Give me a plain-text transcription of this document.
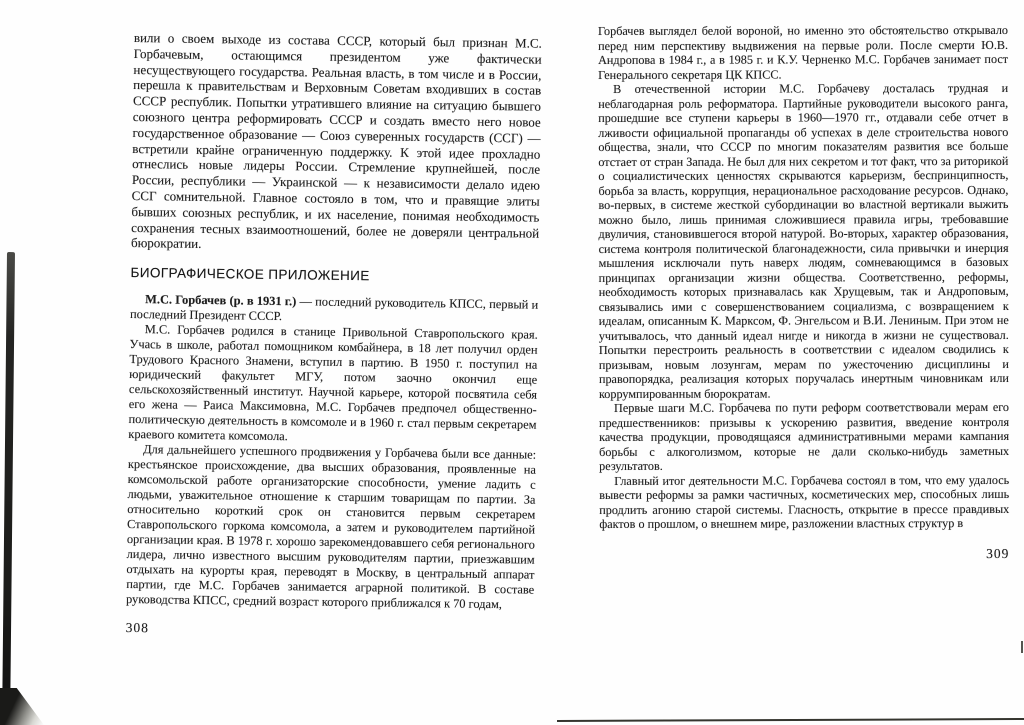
вили о своем выходе из состава СССР, который был признан М.С. Горбачевым, остающимся президентом уже фактически несуществующего государства. Реальная власть, в том числе и в России, перешла к правительствам и Верховным Советам входивших в состав СССР республик. Попытки утратившего влияние на ситуацию бывшего союзного центра реформировать СССР и создать вместо него новое государственное образование — Союз суверенных государств (ССГ) — встретили крайне ограниченную поддержку. К этой идее прохладно отнеслись новые лидеры России. Стремление крупнейшей, после России, республики — Украинской — к независимости делало идею ССГ сомнительной. Главное состояло в том, что и правящие элиты бывших союзных республик, и их население, понимая необходимость сохранения тесных взаимоотношений, более не доверяли центральной бюрократии.

БИОГРАФИЧЕСКОЕ ПРИЛОЖЕНИЕ

М.С. Горбачев (р. в 1931 г.) — последний руководитель КПСС, первый и последний Президент СССР.

М.С. Горбачев родился в станице Привольной Ставропольского края. Учась в школе, работал помощником комбайнера, в 18 лет получил орден Трудового Красного Знамени, вступил в партию. В 1950 г. поступил на юридический факультет МГУ, потом заочно окончил еще сельскохозяйственный институт. Научной карьере, которой посвятила себя его жена — Раиса Максимовна, М.С. Горбачев предпочел общественно-политическую деятельность в комсомоле и в 1960 г. стал первым секретарем краевого комитета комсомола.

Для дальнейшего успешного продвижения у Горбачева были все данные: крестьянское происхождение, два высших образования, проявленные на комсомольской работе организаторские способности, умение ладить с людьми, уважительное отношение к старшим товарищам по партии. За относительно короткий срок он становится первым секретарем Ставропольского горкома комсомола, а затем и руководителем партийной организации края. В 1978 г. хорошо зарекомендовавшего себя регионального лидера, лично известного высшим руководителям партии, приезжавшим отдыхать на курорты края, переводят в Москву, в центральный аппарат партии, где М.С. Горбачев занимается аграрной политикой. В составе руководства КПСС, средний возраст которого приближался к 70 годам,

308

Горбачев выглядел белой вороной, но именно это обстоятельство открывало перед ним перспективу выдвижения на первые роли. После смерти Ю.В. Андропова в 1984 г., а в 1985 г. и К.У. Черненко М.С. Горбачев занимает пост Генерального секретаря ЦК КПСС.

В отечественной истории М.С. Горбачеву досталась трудная и неблагодарная роль реформатора. Партийные руководители высокого ранга, прошедшие все ступени карьеры в 1960—1970 гг., отдавали себе отчет в лживости официальной пропаганды об успехах в деле строительства нового общества, знали, что СССР по многим показателям развития все больше отстает от стран Запада. Не был для них секретом и тот факт, что за риторикой о социалистических ценностях скрываются карьеризм, беспринципность, борьба за власть, коррупция, нерациональное расходование ресурсов. Однако, во-первых, в системе жесткой субординации во властной вертикали выжить можно было, лишь принимая сложившиеся правила игры, требовавшие двуличия, становившегося второй натурой. Во-вторых, характер образования, система контроля политической благонадежности, сила привычки и инерция мышления исключали путь наверх людям, сомневающимся в базовых принципах организации жизни общества. Соответственно, реформы, необходимость которых признавалась как Хрущевым, так и Андроповым, связывались ими с совершенствованием социализма, с возвращением к идеалам, описанным К. Марксом, Ф. Энгельсом и В.И. Лениным. При этом не учитывалось, что данный идеал нигде и никогда в жизни не существовал. Попытки перестроить реальность в соответствии с идеалом сводились к призывам, новым лозунгам, мерам по ужесточению дисциплины и правопорядка, реализация которых поручалась инертным чиновникам или коррумпированным бюрократам.

Первые шаги М.С. Горбачева по пути реформ соответствовали мерам его предшественников: призывы к ускорению развития, введение контроля качества продукции, проводящаяся административными мерами кампания борьбы с алкоголизмом, которые не дали сколько-нибудь заметных результатов.

Главный итог деятельности М.С. Горбачева состоял в том, что ему удалось вывести реформы за рамки частичных, косметических мер, способных лишь продлить агонию старой системы. Гласность, открытие в прессе правдивых фактов о прошлом, о внешнем мире, разложении властных структур в

309
